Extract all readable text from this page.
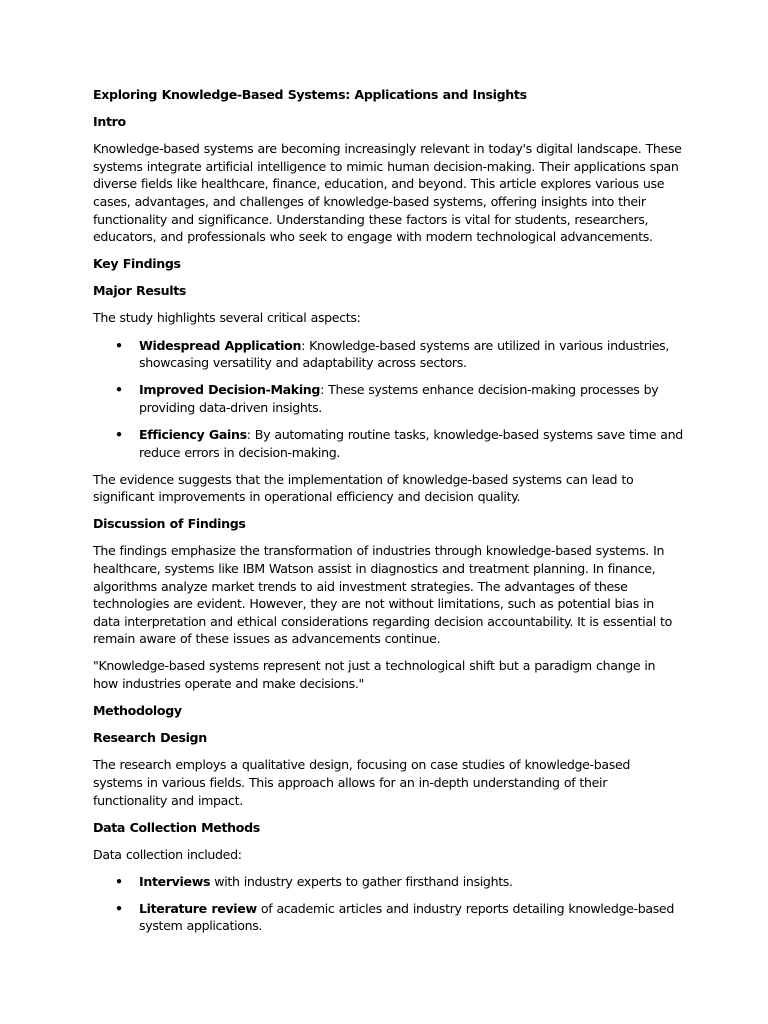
Exploring Knowledge-Based Systems: Applications and Insights
Intro
Knowledge-based systems are becoming increasingly relevant in today's digital landscape. These systems integrate artificial intelligence to mimic human decision-making. Their applications span diverse fields like healthcare, finance, education, and beyond. This article explores various use cases, advantages, and challenges of knowledge-based systems, offering insights into their functionality and significance. Understanding these factors is vital for students, researchers, educators, and professionals who seek to engage with modern technological advancements.
Key Findings
Major Results
The study highlights several critical aspects:
• Widespread Application: Knowledge-based systems are utilized in various industries, showcasing versatility and adaptability across sectors.
• Improved Decision-Making: These systems enhance decision-making processes by providing data-driven insights.
• Efficiency Gains: By automating routine tasks, knowledge-based systems save time and reduce errors in decision-making.
The evidence suggests that the implementation of knowledge-based systems can lead to significant improvements in operational efficiency and decision quality.
Discussion of Findings
The findings emphasize the transformation of industries through knowledge-based systems. In healthcare, systems like IBM Watson assist in diagnostics and treatment planning. In finance, algorithms analyze market trends to aid investment strategies. The advantages of these technologies are evident. However, they are not without limitations, such as potential bias in data interpretation and ethical considerations regarding decision accountability. It is essential to remain aware of these issues as advancements continue.
"Knowledge-based systems represent not just a technological shift but a paradigm change in how industries operate and make decisions."
Methodology
Research Design
The research employs a qualitative design, focusing on case studies of knowledge-based systems in various fields. This approach allows for an in-depth understanding of their functionality and impact.
Data Collection Methods
Data collection included:
• Interviews with industry experts to gather firsthand insights.
• Literature review of academic articles and industry reports detailing knowledge-based system applications.
